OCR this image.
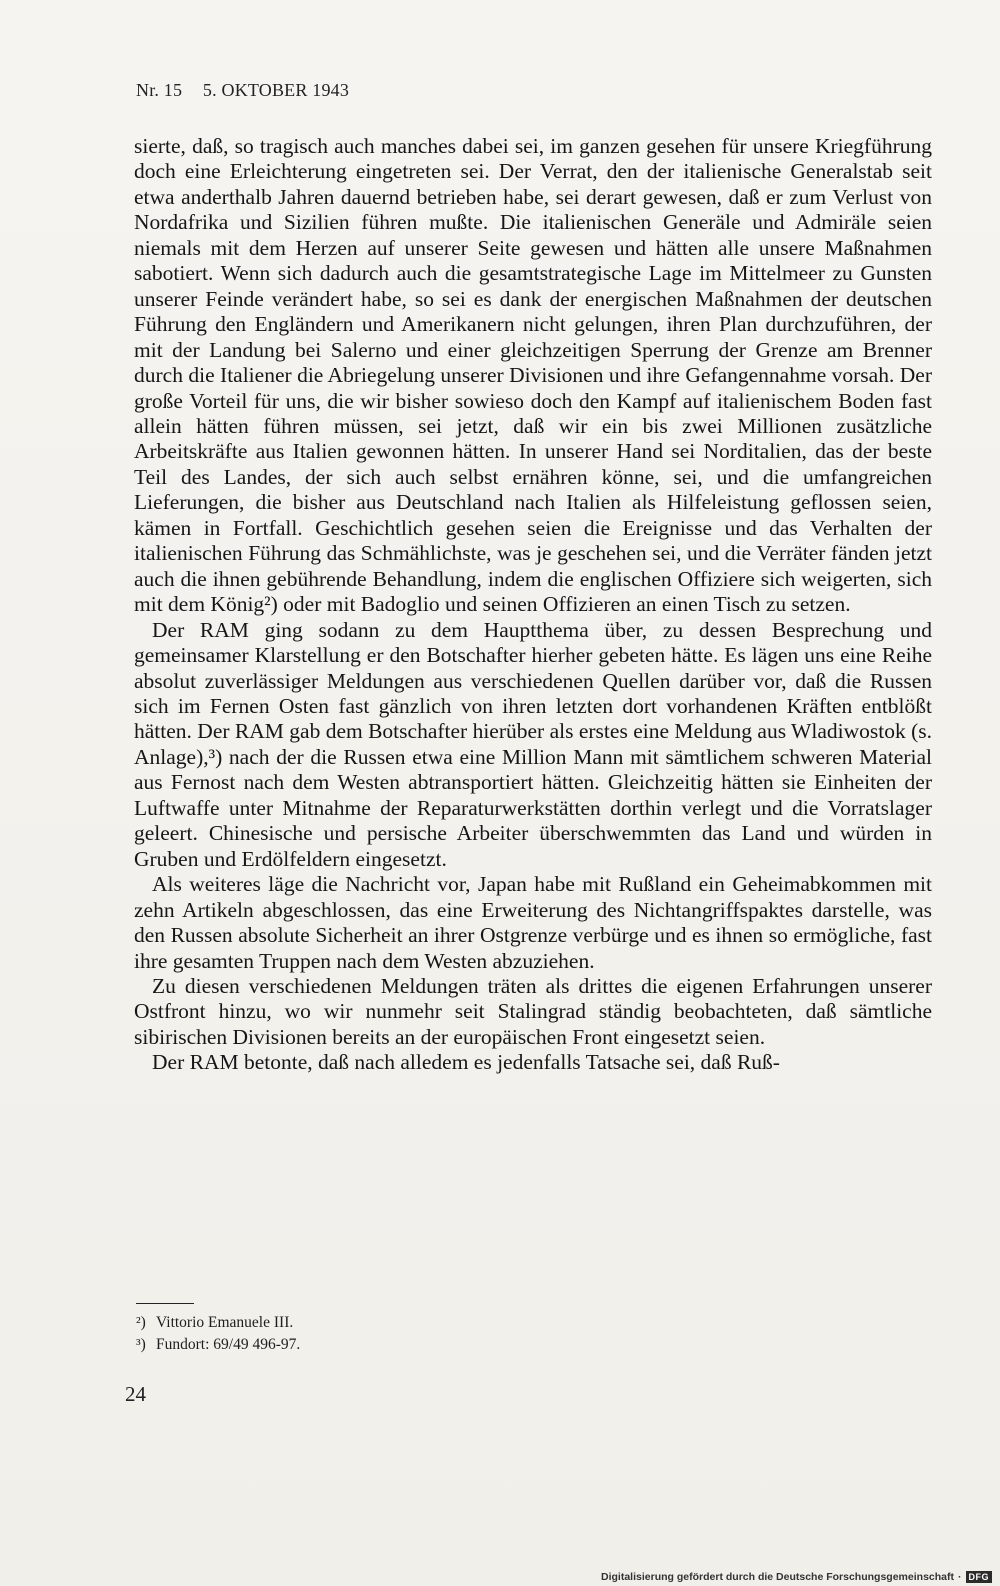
Nr. 15 5. OKTOBER 1943

sierte, daß, so tragisch auch manches dabei sei, im ganzen gesehen für unsere Kriegführung doch eine Erleichterung eingetreten sei. Der Verrat, den der italienische Generalstab seit etwa anderthalb Jahren dauernd betrieben habe, sei derart gewesen, daß er zum Verlust von Nordafrika und Sizilien führen mußte. Die italienischen Generäle und Admiräle seien niemals mit dem Herzen auf unserer Seite gewesen und hätten alle unsere Maßnahmen sabotiert. Wenn sich dadurch auch die gesamtstrategische Lage im Mittelmeer zu Gunsten unserer Feinde verändert habe, so sei es dank der energischen Maßnahmen der deutschen Führung den Engländern und Amerikanern nicht gelungen, ihren Plan durchzuführen, der mit der Landung bei Salerno und einer gleichzeitigen Sperrung der Grenze am Brenner durch die Italiener die Abriegelung unserer Divisionen und ihre Gefangennahme vorsah. Der große Vorteil für uns, die wir bisher sowieso doch den Kampf auf italienischem Boden fast allein hätten führen müssen, sei jetzt, daß wir ein bis zwei Millionen zusätzliche Arbeitskräfte aus Italien gewonnen hätten. In unserer Hand sei Norditalien, das der beste Teil des Landes, der sich auch selbst ernähren könne, sei, und die umfangreichen Lieferungen, die bisher aus Deutschland nach Italien als Hilfeleistung geflossen seien, kämen in Fortfall. Geschichtlich gesehen seien die Ereignisse und das Verhalten der italienischen Führung das Schmählichste, was je geschehen sei, und die Verräter fänden jetzt auch die ihnen gebührende Behandlung, indem die englischen Offiziere sich weigerten, sich mit dem König²) oder mit Badoglio und seinen Offizieren an einen Tisch zu setzen.

Der RAM ging sodann zu dem Hauptthema über, zu dessen Besprechung und gemeinsamer Klarstellung er den Botschafter hierher gebeten hätte. Es lägen uns eine Reihe absolut zuverlässiger Meldungen aus verschiedenen Quellen darüber vor, daß die Russen sich im Fernen Osten fast gänzlich von ihren letzten dort vorhandenen Kräften entblößt hätten. Der RAM gab dem Botschafter hierüber als erstes eine Meldung aus Wladiwostok (s. Anlage),³) nach der die Russen etwa eine Million Mann mit sämtlichem schweren Material aus Fernost nach dem Westen abtransportiert hätten. Gleichzeitig hätten sie Einheiten der Luftwaffe unter Mitnahme der Reparaturwerkstätten dorthin verlegt und die Vorratslager geleert. Chinesische und persische Arbeiter überschwemmten das Land und würden in Gruben und Erdölfeldern eingesetzt.

Als weiteres läge die Nachricht vor, Japan habe mit Rußland ein Geheimabkommen mit zehn Artikeln abgeschlossen, das eine Erweiterung des Nichtangriffspaktes darstelle, was den Russen absolute Sicherheit an ihrer Ostgrenze verbürge und es ihnen so ermögliche, fast ihre gesamten Truppen nach dem Westen abzuziehen.

Zu diesen verschiedenen Meldungen träten als drittes die eigenen Erfahrungen unserer Ostfront hinzu, wo wir nunmehr seit Stalingrad ständig beobachteten, daß sämtliche sibirischen Divisionen bereits an der europäischen Front eingesetzt seien.

Der RAM betonte, daß nach alledem es jedenfalls Tatsache sei, daß Ruß-

²) Vittorio Emanuele III.
³) Fundort: 69/49 496-97.
24
Digitalisierung gefördert durch die Deutsche Forschungsgemeinschaft · DFG
